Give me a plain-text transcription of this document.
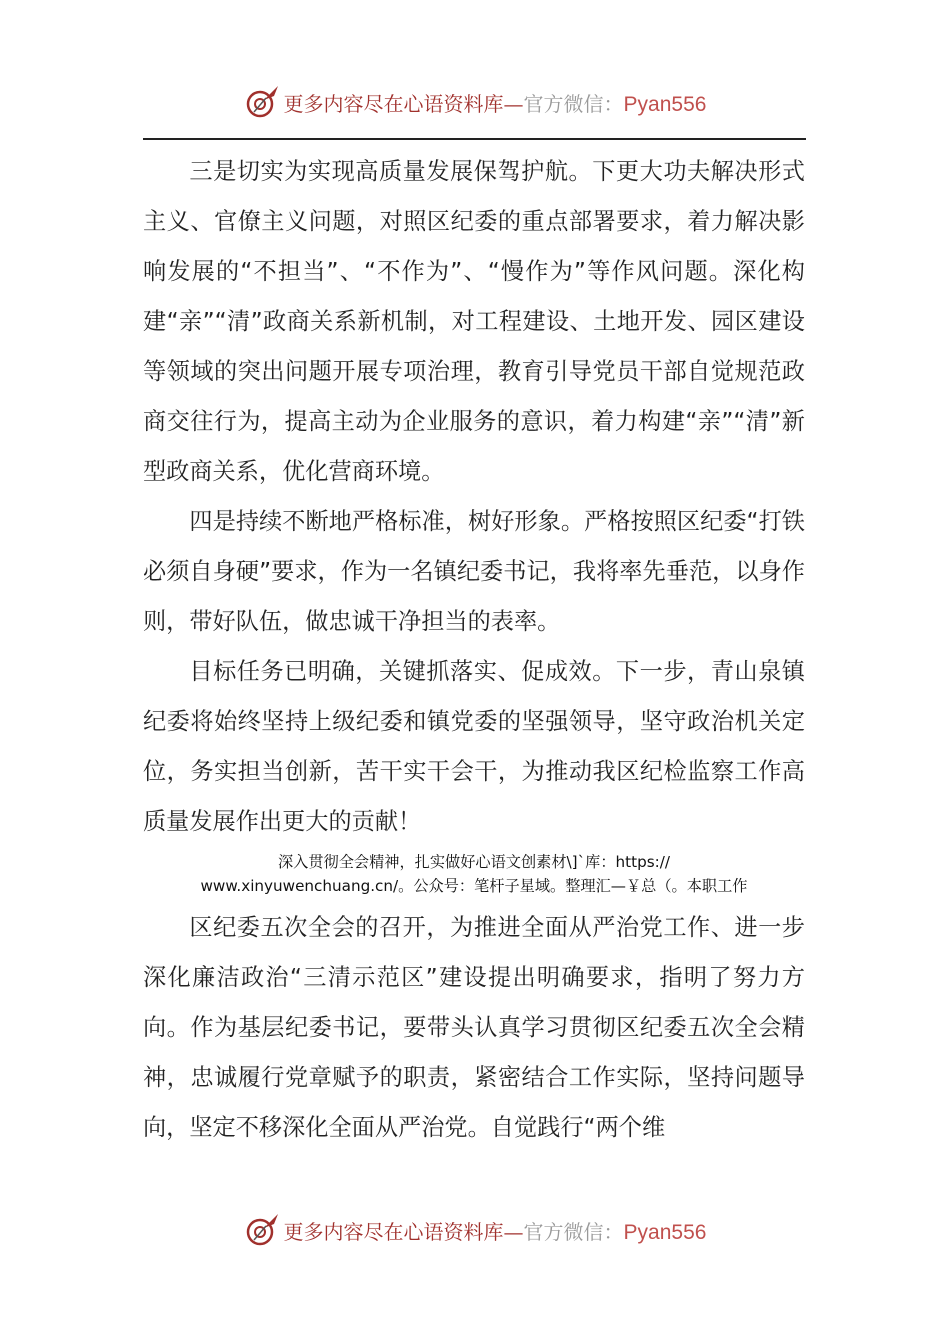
更多内容尽在心语资料库—官方微信：Pyan556

三是切实为实现高质量发展保驾护航。下更大功夫解决形式主义、官僚主义问题，对照区纪委的重点部署要求，着力解决影响发展的“不担当”、“不作为”、“慢作为”等作风问题。深化构建“亲”“清”政商关系新机制，对工程建设、土地开发、园区建设等领域的突出问题开展专项治理，教育引导党员干部自觉规范政商交往行为，提高主动为企业服务的意识，着力构建“亲”“清”新型政商关系，优化营商环境。

四是持续不断地严格标准，树好形象。严格按照区纪委“打铁必须自身硬”要求，作为一名镇纪委书记，我将率先垂范，以身作则，带好队伍，做忠诚干净担当的表率。

目标任务已明确，关键抓落实、促成效。下一步，青山泉镇纪委将始终坚持上级纪委和镇党委的坚强领导，坚守政治机关定位，务实担当创新，苦干实干会干，为推动我区纪检监察工作高质量发展作出更大的贡献！

深入贯彻全会精神，扎实做好心语文创素材\]`库：https://
www.xinyuwenchuang.cn/。公众号：笔杆子星域。整理汇—￥总（。本职工作

区纪委五次全会的召开，为推进全面从严治党工作、进一步深化廉洁政治“三清示范区”建设提出明确要求，指明了努力方向。作为基层纪委书记，要带头认真学习贯彻区纪委五次全会精神，忠诚履行党章赋予的职责，紧密结合工作实际，坚持问题导向，坚定不移深化全面从严治党。自觉践行“两个维

更多内容尽在心语资料库—官方微信：Pyan556
